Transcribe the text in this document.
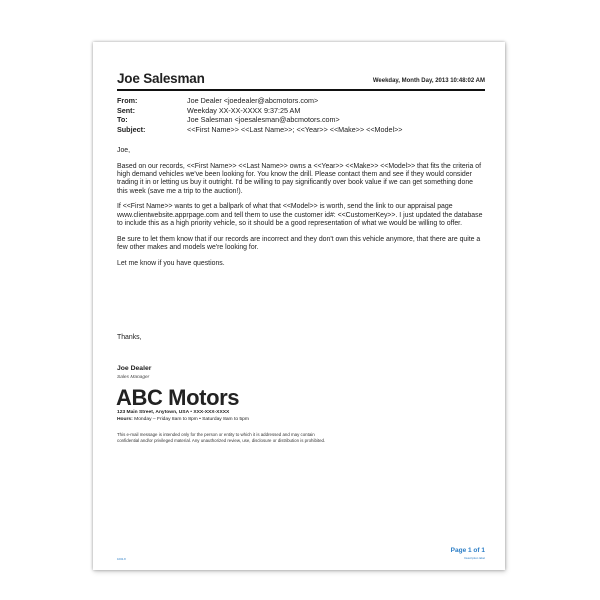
Joe Salesman	Weekday, Month Day, 2013 10:48:02 AM
From:	Joe Dealer <joedealer@abcmotors.com>
Sent:	Weekday XX-XX-XXXX 9:37:25 AM
To:	Joe Salesman <joesalesman@abcmotors.com>
Subject:	<<First Name>> <<Last Name>>; <<Year>> <<Make>> <<Model>>

Joe,

Based on our records, <<First Name>> <<Last Name>> owns a <<Year>> <<Make>> <<Model>> that fits the criteria of high demand vehicles we've been looking for. You know the drill. Please contact them and see if they would consider trading it in or letting us buy it outright. I'd be willing to pay significantly over book value if we can get something done this week (save me a trip to the auction!).

If <<First Name>> wants to get a ballpark of what that <<Model>> is worth, send the link to our appraisal page www.clientwebsite.apprpage.com and tell them to use the customer id#: <<CustomerKey>>. I just updated the database to include this as a high priority vehicle, so it should be a good representation of what we would be willing to offer.

Be sure to let them know that if our records are incorrect and they don't own this vehicle anymore, that there are quite a few other makes and models we're looking for.

Let me know if you have questions.

Thanks,
Joe Dealer
Sales Manager
ABC Motors
123 Main Street, Anytown, USA • XXX-XXX-XXXX
Hours: Monday – Friday 8am to 8pm • Saturday 8am to 5pm
This e-mail message is intended only for the person or entity to which it is addressed and may contain confidential and/or privileged material. Any unauthorized review, use, disclosure or distribution is prohibited.
Page 1 of 1
Description label
1002-8
